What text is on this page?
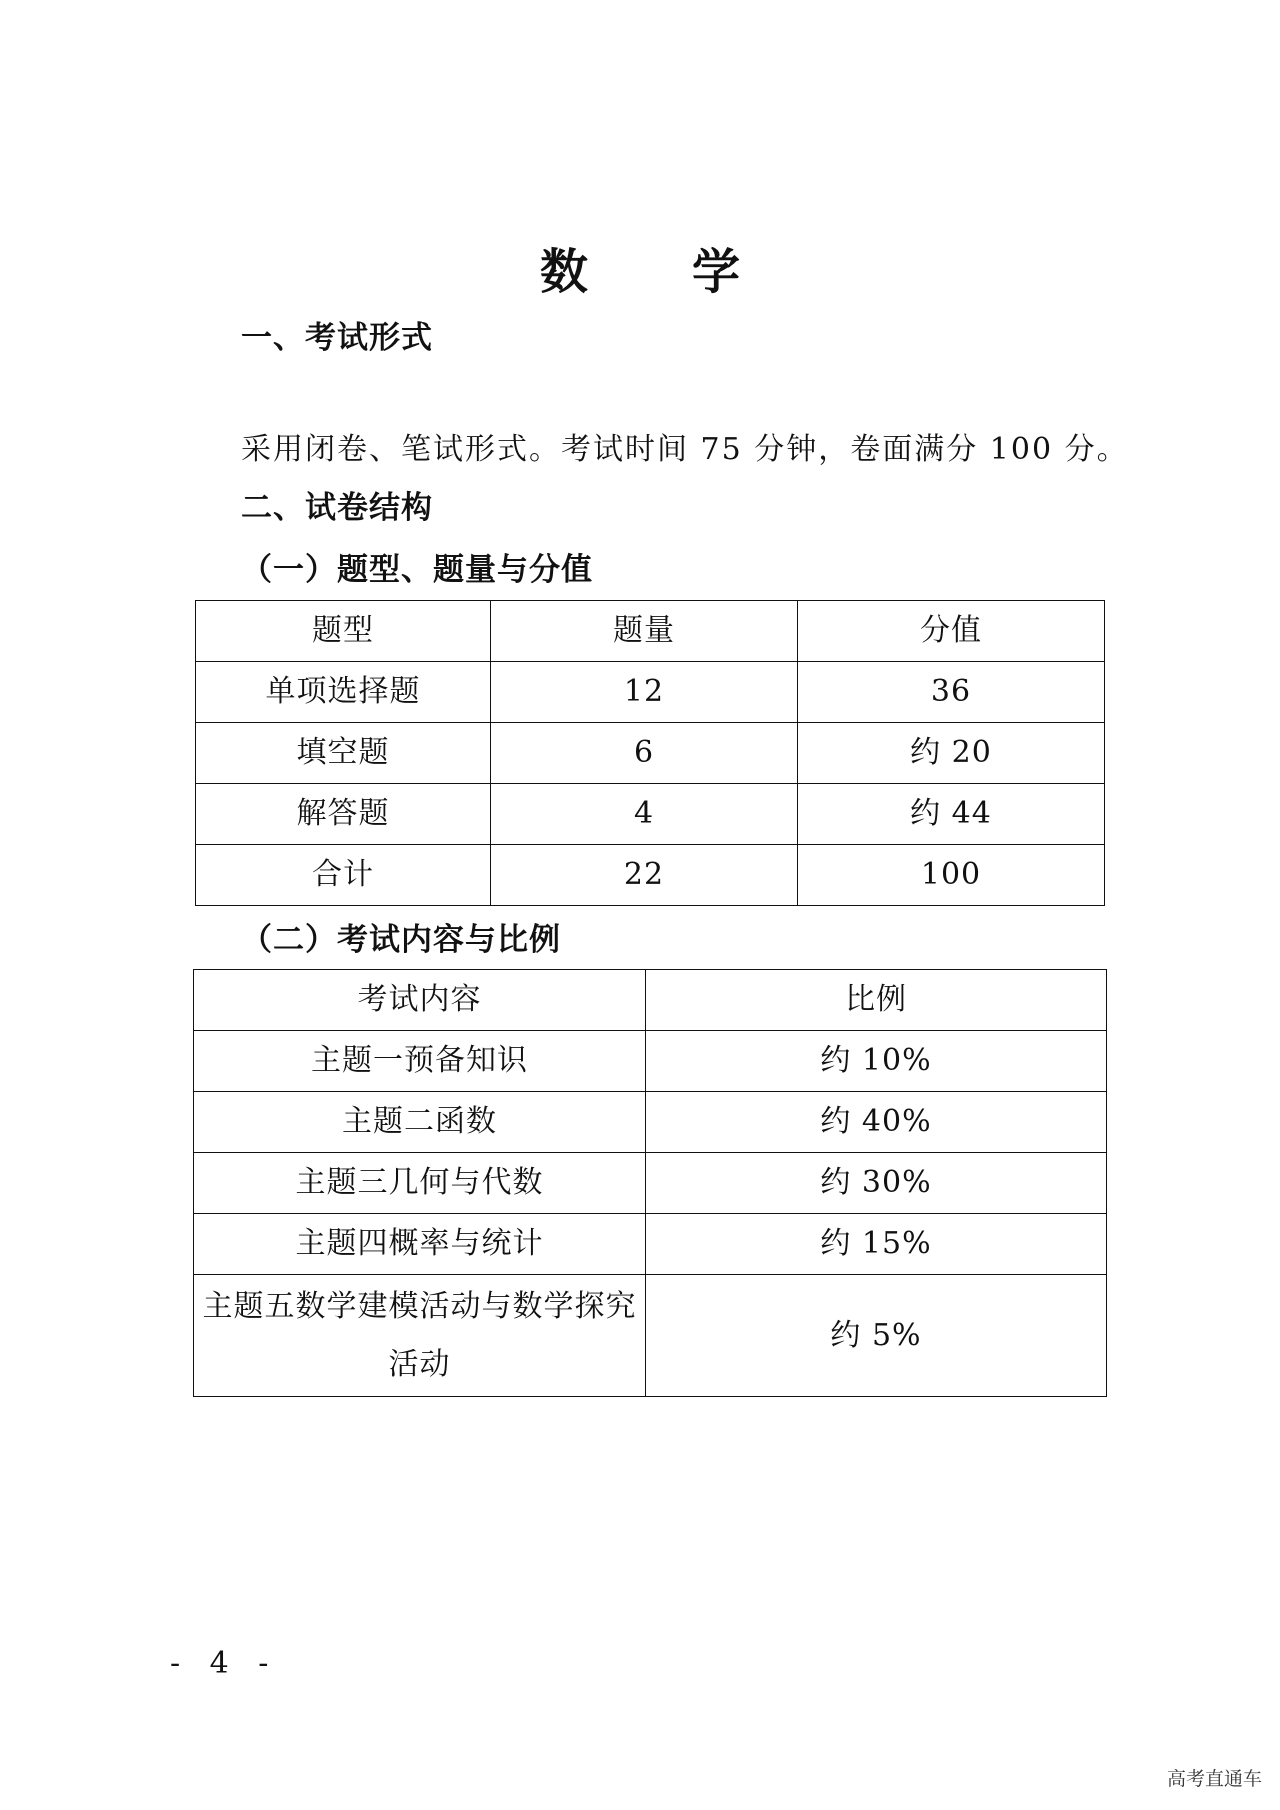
数　学
一、考试形式
采用闭卷、笔试形式。考试时间 75 分钟，卷面满分 100 分。
二、试卷结构
（一）题型、题量与分值
题型	题量	分值
单项选择题	12	36
填空题	6	约 20
解答题	4	约 44
合计	22	100
（二）考试内容与比例
考试内容	比例
主题一预备知识	约 10%
主题二函数	约 40%
主题三几何与代数	约 30%
主题四概率与统计	约 15%
主题五数学建模活动与数学探究活动	约 5%
- 4 -
高考直通车
